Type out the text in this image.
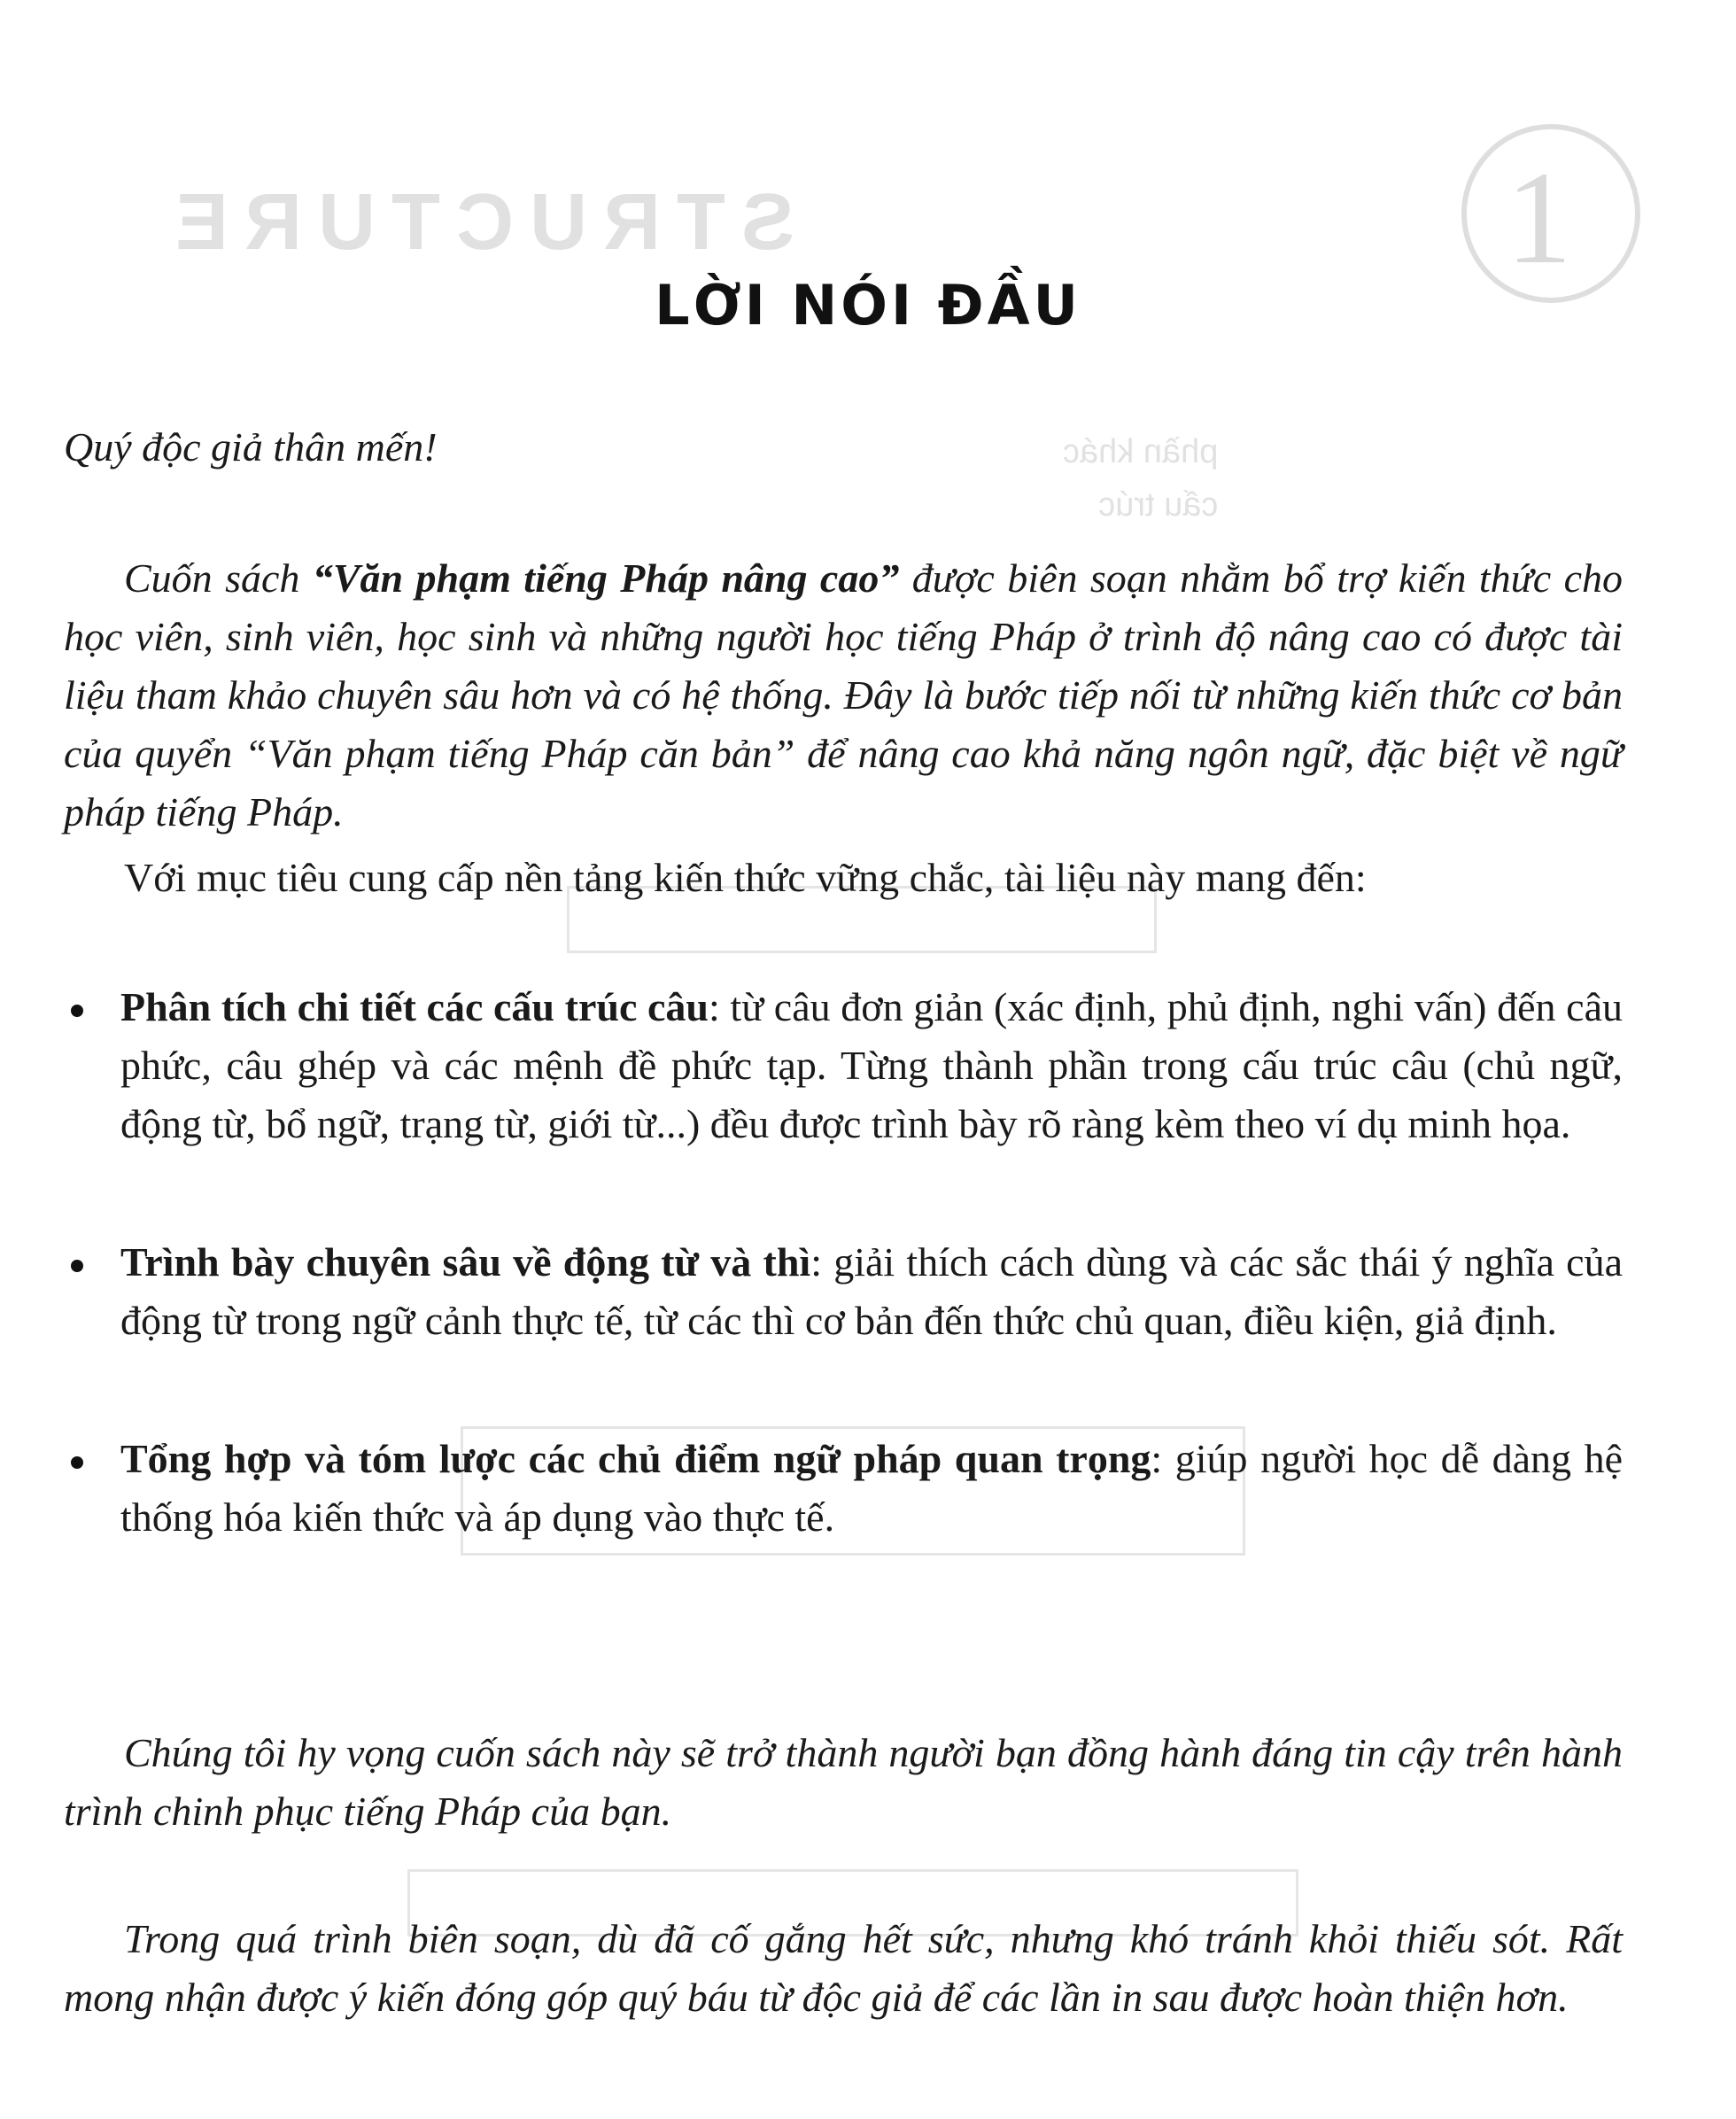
1
STRUCTURE
phần khác
cấu trúc
LỜI NÓI ĐẦU
Quý độc giả thân mến!
Cuốn sách “Văn phạm tiếng Pháp nâng cao” được biên soạn nhằm bổ trợ kiến thức cho học viên, sinh viên, học sinh và những người học tiếng Pháp ở trình độ nâng cao có được tài liệu tham khảo chuyên sâu hơn và có hệ thống. Đây là bước tiếp nối từ những kiến thức cơ bản của quyển “Văn phạm tiếng Pháp căn bản” để nâng cao khả năng ngôn ngữ, đặc biệt về ngữ pháp tiếng Pháp.
Với mục tiêu cung cấp nền tảng kiến thức vững chắc, tài liệu này mang đến:
Phân tích chi tiết các cấu trúc câu: từ câu đơn giản (xác định, phủ định, nghi vấn) đến câu phức, câu ghép và các mệnh đề phức tạp. Từng thành phần trong cấu trúc câu (chủ ngữ, động từ, bổ ngữ, trạng từ, giới từ...) đều được trình bày rõ ràng kèm theo ví dụ minh họa.
Trình bày chuyên sâu về động từ và thì: giải thích cách dùng và các sắc thái ý nghĩa của động từ trong ngữ cảnh thực tế, từ các thì cơ bản đến thức chủ quan, điều kiện, giả định.
Tổng hợp và tóm lược các chủ điểm ngữ pháp quan trọng: giúp người học dễ dàng hệ thống hóa kiến thức và áp dụng vào thực tế.
Chúng tôi hy vọng cuốn sách này sẽ trở thành người bạn đồng hành đáng tin cậy trên hành trình chinh phục tiếng Pháp của bạn.
Trong quá trình biên soạn, dù đã cố gắng hết sức, nhưng khó tránh khỏi thiếu sót. Rất mong nhận được ý kiến đóng góp quý báu từ độc giả để các lần in sau được hoàn thiện hơn.
